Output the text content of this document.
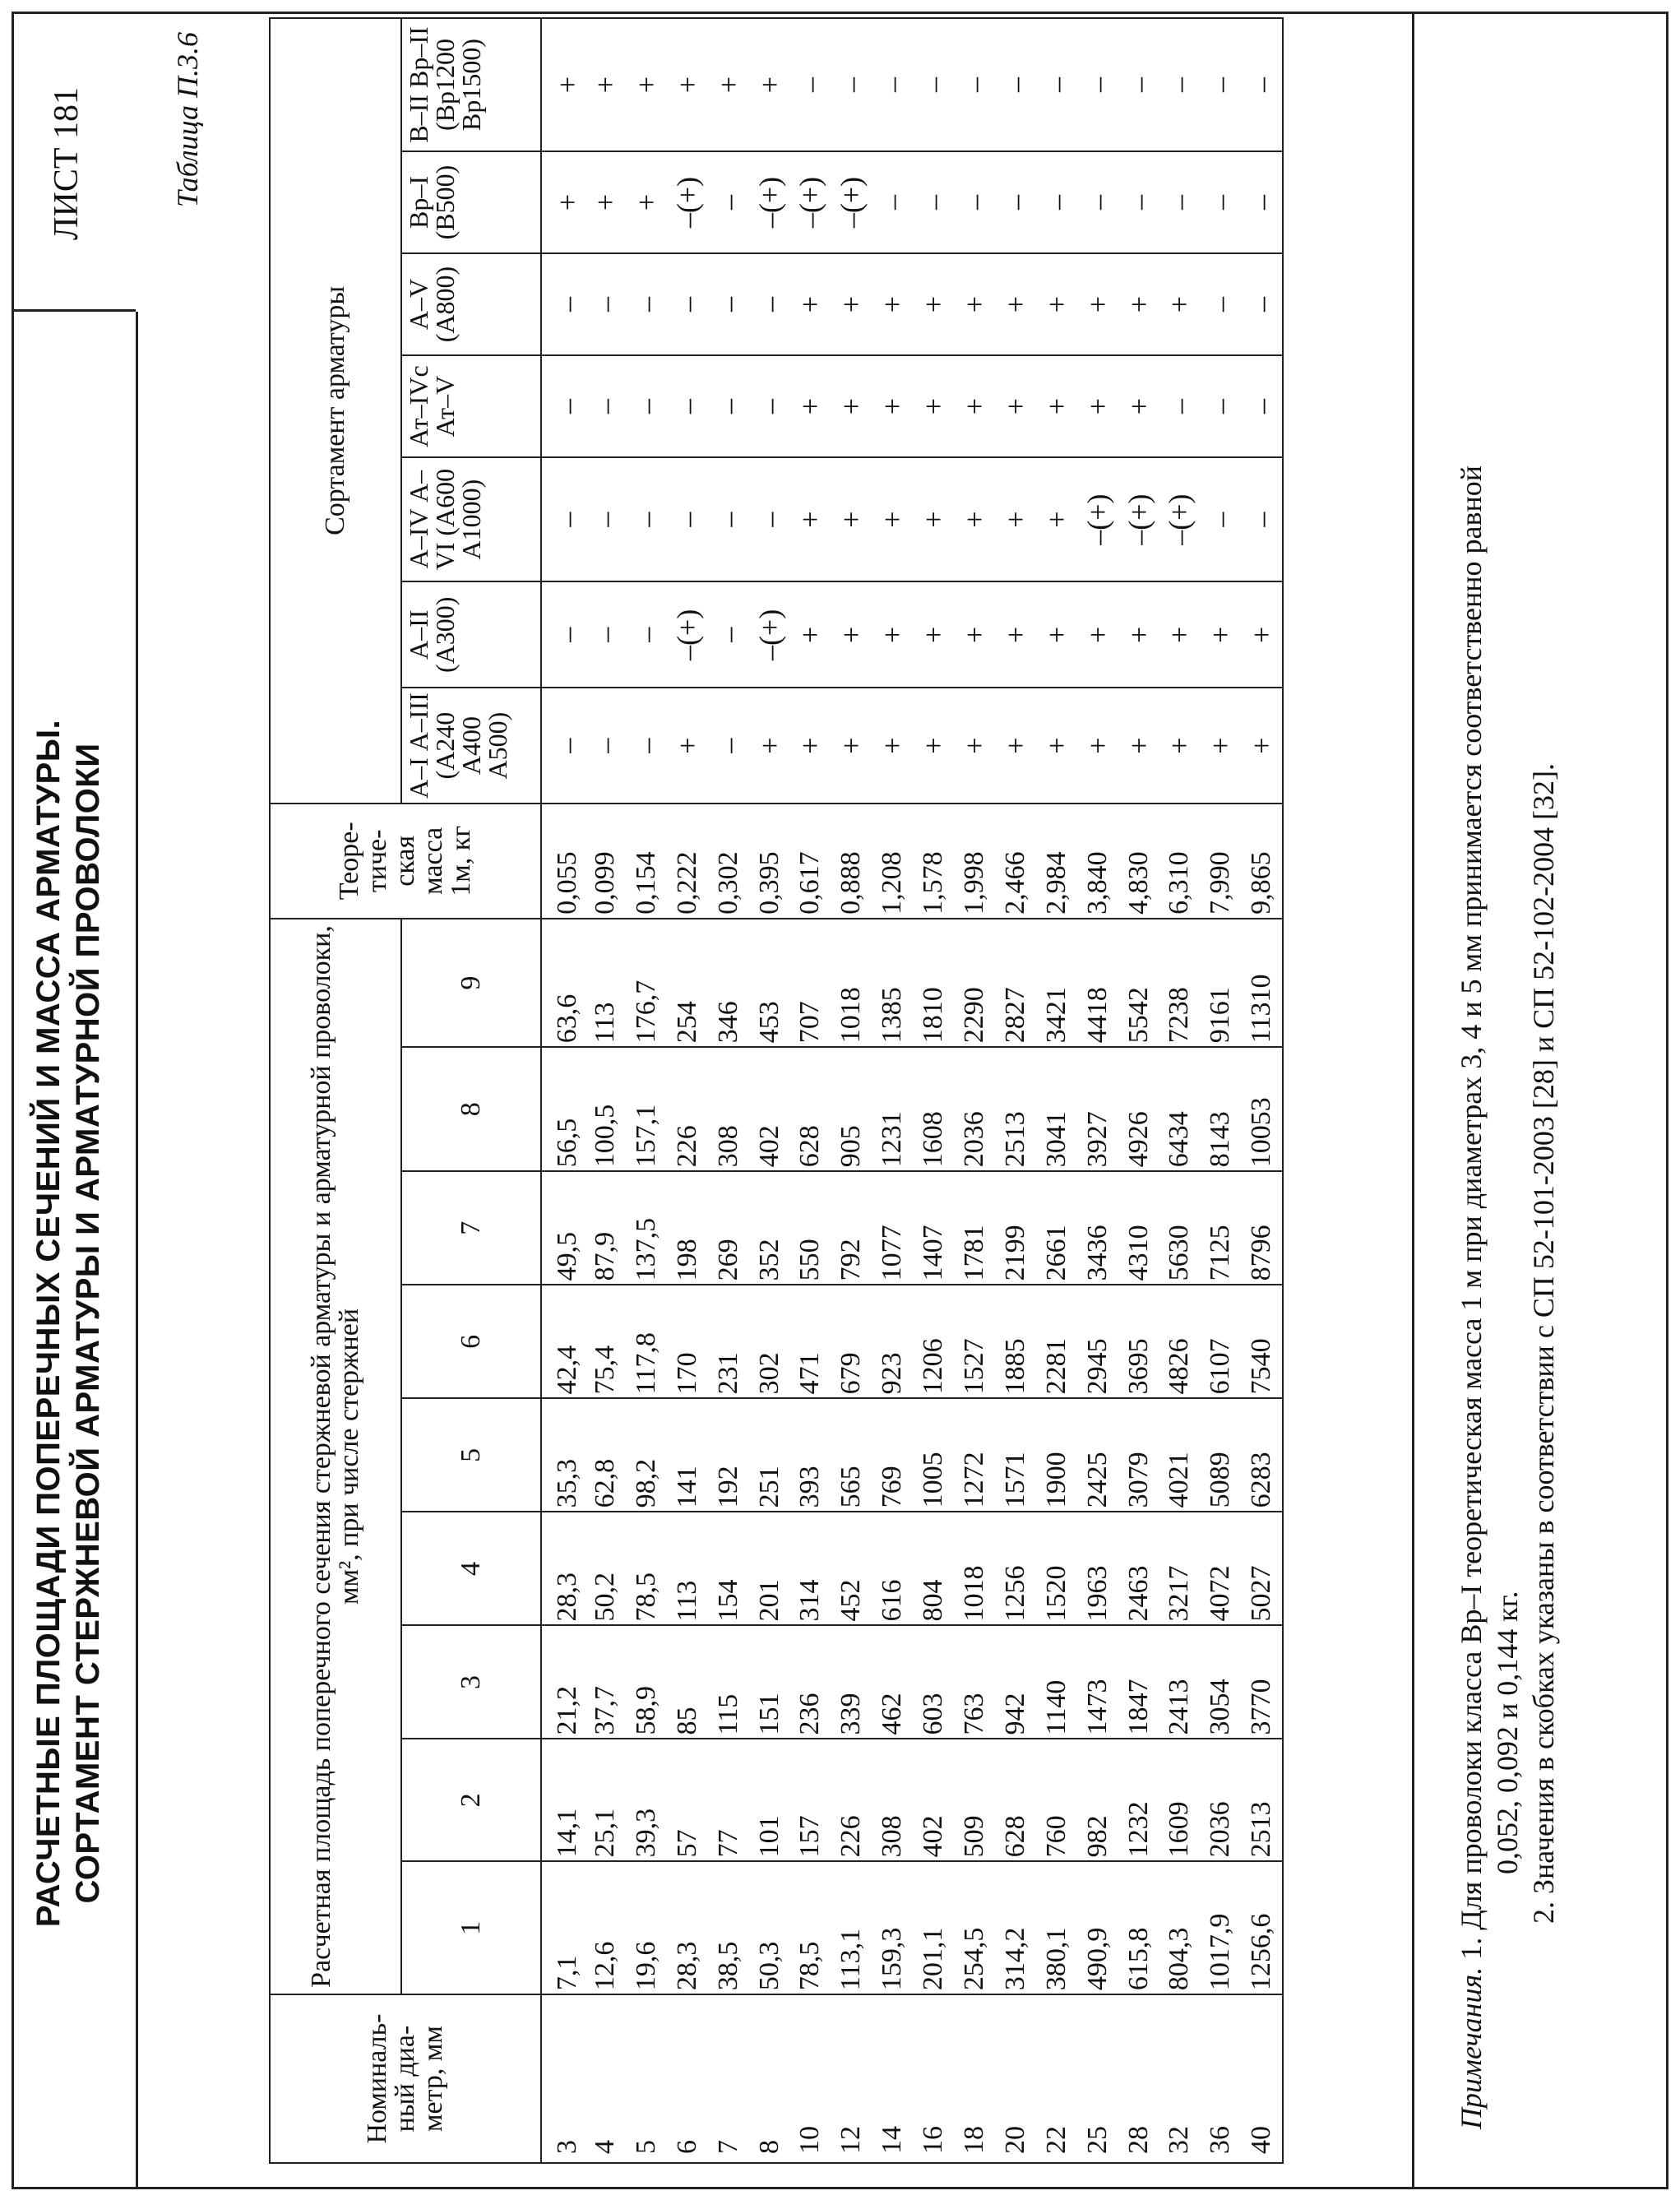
РАСЧЕТНЫЕ ПЛОЩАДИ ПОПЕРЕЧНЫХ СЕЧЕНИЙ И МАССА АРМАТУРЫ. СОРТАМЕНТ СТЕРЖНЕВОЙ АРМАТУРЫ И АРМАТУРНОЙ ПРОВОЛОКИ
ЛИСТ 181	Таблица П.3.6
Номиналь-ный диа-метр, мм	Расчетная площадь поперечного сечения стержневой арматуры и арматурной проволоки, мм², при числе стержней									Теоре-тиче-ская масса 1м, кг	Сортамент арматуры						
	1	2	3	4	5	6	7	8	9		А–I А–III (А240 А400 А500)	А–II (А300)	А–IV А–VI (А600 А1000)	Ат–IVс Ат–V	А–V (А800)	Вр–I (В500)	В–II Вр–II (Вр1200 Вр1500)
3	7,1	14,1	21,2	28,3	35,3	42,4	49,5	56,5	63,6	0,055	–	–	–	–	–	+	+
4	12,6	25,1	37,7	50,2	62,8	75,4	87,9	100,5	113	0,099	–	–	–	–	–	+	+
5	19,6	39,3	58,9	78,5	98,2	117,8	137,5	157,1	176,7	0,154	–	–	–	–	–	+	+
6	28,3	57	85	113	141	170	198	226	254	0,222	+	–(+)	–	–	–	–(+)	+
7	38,5	77	115	154	192	231	269	308	346	0,302	–	–	–	–	–	–	+
8	50,3	101	151	201	251	302	352	402	453	0,395	+	–(+)	–	–	–	–(+)	+
10	78,5	157	236	314	393	471	550	628	707	0,617	+	+	+	+	+	–(+)	–
12	113,1	226	339	452	565	679	792	905	1018	0,888	+	+	+	+	+	–(+)	–
14	159,3	308	462	616	769	923	1077	1231	1385	1,208	+	+	+	+	+	–	–
16	201,1	402	603	804	1005	1206	1407	1608	1810	1,578	+	+	+	+	+	–	–
18	254,5	509	763	1018	1272	1527	1781	2036	2290	1,998	+	+	+	+	+	–	–
20	314,2	628	942	1256	1571	1885	2199	2513	2827	2,466	+	+	+	+	+	–	–
22	380,1	760	1140	1520	1900	2281	2661	3041	3421	2,984	+	+	+	+	+	–	–
25	490,9	982	1473	1963	2425	2945	3436	3927	4418	3,840	+	+	–(+)	+	+	–	–
28	615,8	1232	1847	2463	3079	3695	4310	4926	5542	4,830	+	+	–(+)	+	+	–	–
32	804,3	1609	2413	3217	4021	4826	5630	6434	7238	6,310	+	+	–(+)	–	+	–	–
36	1017,9	2036	3054	4072	5089	6107	7125	8143	9161	7,990	+	+	–	–	–	–	–
40	1256,6	2513	3770	5027	6283	7540	8796	10053	11310	9,865	+	+	–	–	–	–	–
Примечания. 1. Для проволоки класса Вр–I теоретическая масса 1 м при диаметрах 3, 4 и 5 мм принимается соответственно равной 0,052, 0,092 и 0,144 кг. 2. Значения в скобках указаны в соответствии с СП 52-101-2003 [28] и СП 52-102-2004 [32].
